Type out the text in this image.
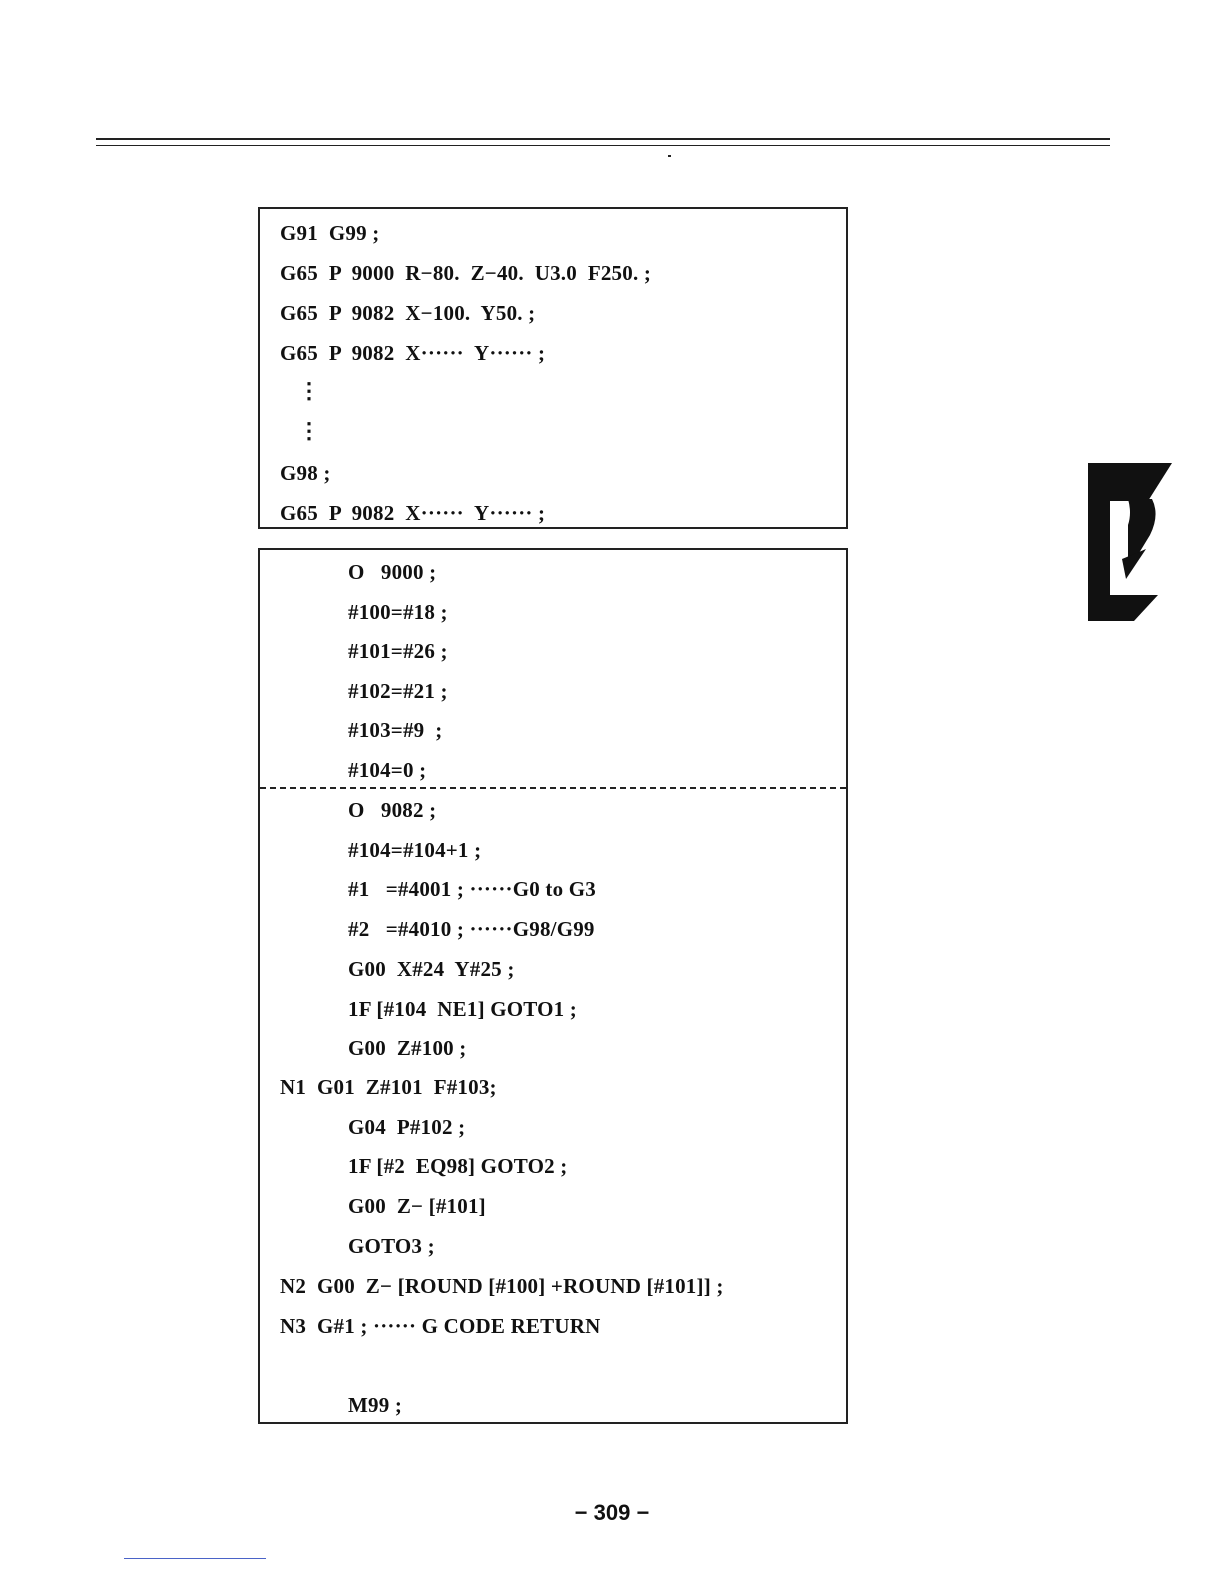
G91  G99 ;
G65  P  9000  R−80.  Z−40.  U3.0  F250. ;
G65  P  9082  X−100.  Y50. ;
G65  P  9082  X······  Y······ ;
⋮
⋮
G98 ;
G65  P  9082  X······  Y······ ;
O   9000 ;
#100=#18 ;
#101=#26 ;
#102=#21 ;
#103=#9  ;
#104=0 ;
O   9082 ;
#104=#104+1 ;
#1   =#4001 ; ······G0 to G3
#2   =#4010 ; ······G98/G99
G00  X#24  Y#25 ;
1F [#104  NE1] GOTO1 ;
G00  Z#100 ;
N1  G01  Z#101  F#103;
G04  P#102 ;
1F [#2  EQ98] GOTO2 ;
G00  Z− [#101]
GOTO3 ;
N2  G00  Z− [ROUND [#100] +ROUND [#101]] ;
N3  G#1 ; ······ G CODE RETURN
M99 ;
− 309 −
